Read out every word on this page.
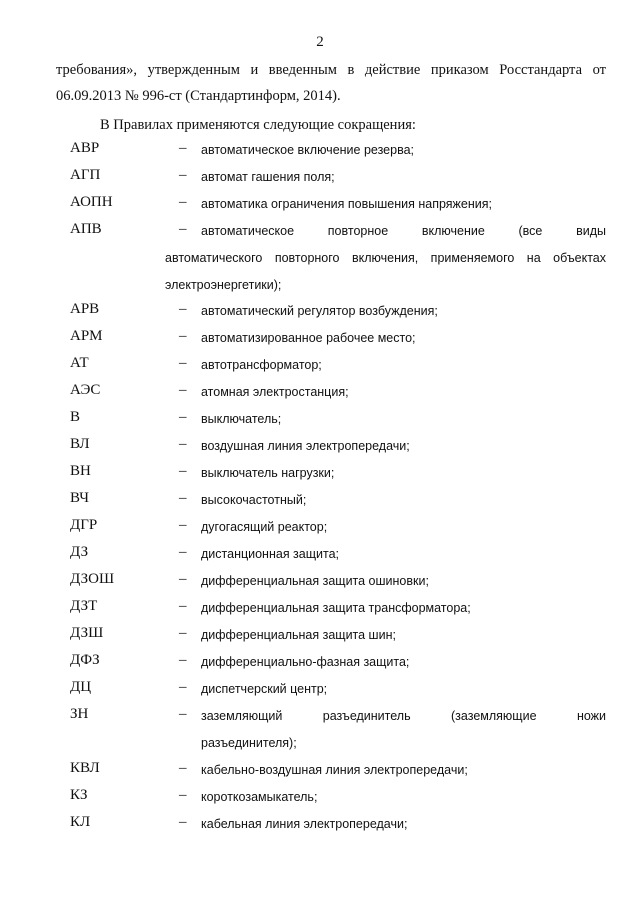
2
требования», утвержденным и введенным в действие приказом Росстандарта от
06.09.2013 № 996-ст (Стандартинформ, 2014).
В Правилах применяются следующие сокращения:
АВР	– автоматическое включение резерва;
АГП	– автомат гашения поля;
АОПН	– автоматика ограничения повышения напряжения;
АПВ	– автоматическое повторное включение (все виды
автоматического повторного включения, применяемого на объектах
электроэнергетики);
АРВ	– автоматический регулятор возбуждения;
АРМ	– автоматизированное рабочее место;
АТ	– автотрансформатор;
АЭС	– атомная электростанция;
В	– выключатель;
ВЛ	– воздушная линия электропередачи;
ВН	– выключатель нагрузки;
ВЧ	– высокочастотный;
ДГР	– дугогасящий реактор;
ДЗ	– дистанционная защита;
ДЗОШ	– дифференциальная защита ошиновки;
ДЗТ	– дифференциальная защита трансформатора;
ДЗШ	– дифференциальная защита шин;
ДФЗ	– дифференциально-фазная защита;
ДЦ	– диспетчерский центр;
ЗН	– заземляющий разъединитель (заземляющие ножи
разъединителя);
КВЛ	– кабельно-воздушная линия электропередачи;
КЗ	– короткозамыкатель;
КЛ	– кабельная линия электропередачи;
